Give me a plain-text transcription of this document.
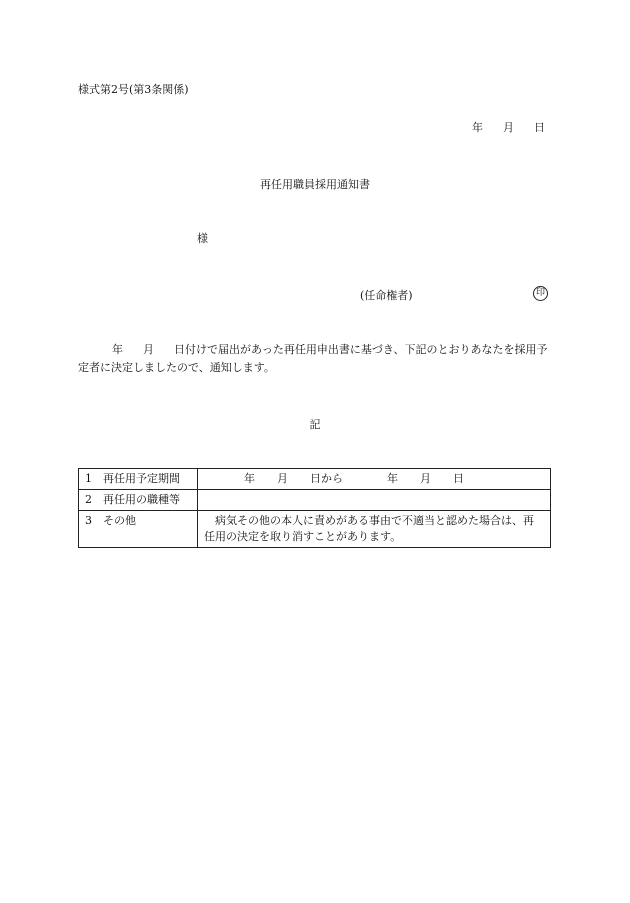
様式第2号(第3条関係)
年 月 日
再任用職員採用通知書
様
(任命権者)	印
年 月 日付けで届出があった再任用申出書に基づき、下記のとおりあなたを採用予定者に決定しましたので、通知します。
記
1　再任用予定期間	年 月 日から 年 月 日
2　再任用の職種等	
3　その他	病気その他の本人に責めがある事由で不適当と認めた場合は、再任用の決定を取り消すことがあります。
